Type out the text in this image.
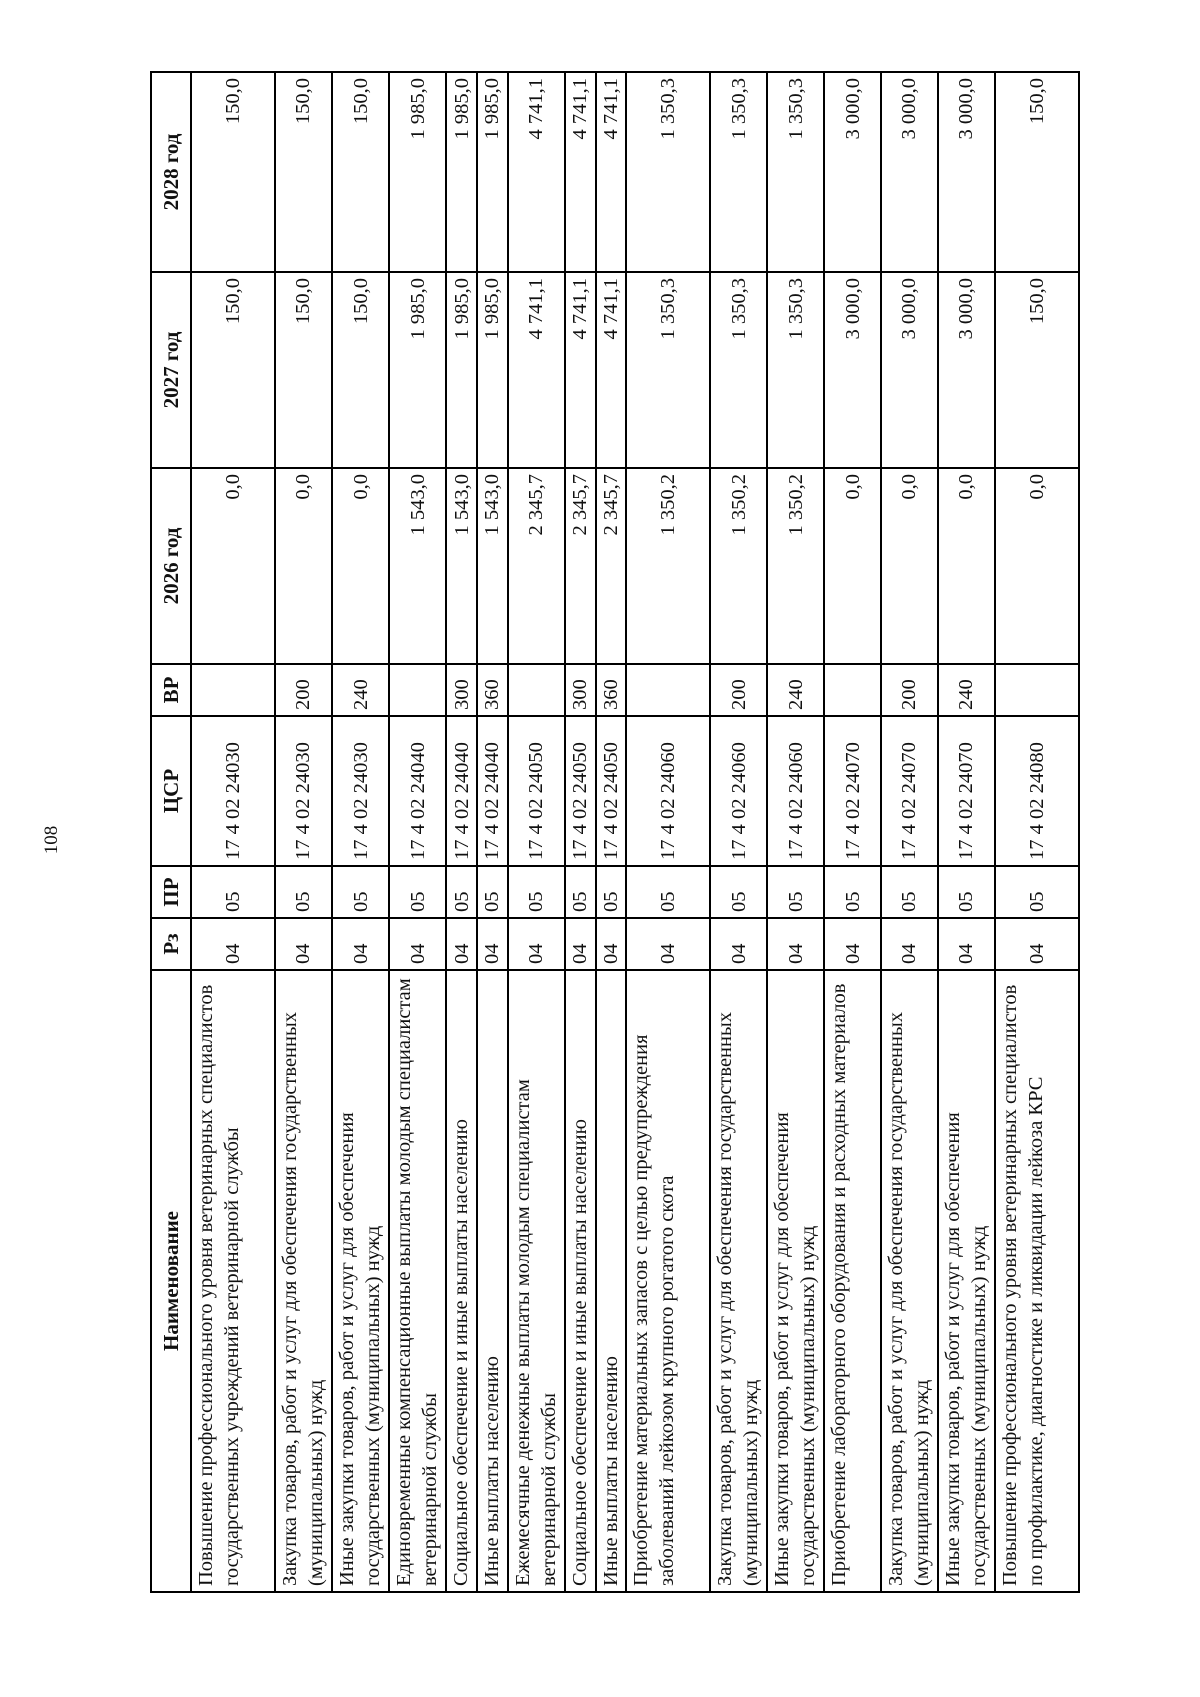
108
Наименование	Рз	ПР	ЦСР	ВР	2026 год	2027 год	2028 год
Повышение профессионального уровня ветеринарных специалистов государственных учреждений ветеринарной службы	04	05	17 4 02 24030		0,0	150,0	150,0
Закупка товаров, работ и услуг для обеспечения государственных (муниципальных) нужд	04	05	17 4 02 24030	200	0,0	150,0	150,0
Иные закупки товаров, работ и услуг для обеспечения государственных (муниципальных) нужд	04	05	17 4 02 24030	240	0,0	150,0	150,0
Единовременные компенсационные выплаты молодым специалистам ветеринарной службы	04	05	17 4 02 24040		1 543,0	1 985,0	1 985,0
Социальное обеспечение и иные выплаты населению	04	05	17 4 02 24040	300	1 543,0	1 985,0	1 985,0
Иные выплаты населению	04	05	17 4 02 24040	360	1 543,0	1 985,0	1 985,0
Ежемесячные денежные выплаты молодым специалистам ветеринарной службы	04	05	17 4 02 24050		2 345,7	4 741,1	4 741,1
Социальное обеспечение и иные выплаты населению	04	05	17 4 02 24050	300	2 345,7	4 741,1	4 741,1
Иные выплаты населению	04	05	17 4 02 24050	360	2 345,7	4 741,1	4 741,1
Приобретение материальных запасов с целью предупреждения заболеваний лейкозом крупного рогатого скота	04	05	17 4 02 24060		1 350,2	1 350,3	1 350,3
Закупка товаров, работ и услуг для обеспечения государственных (муниципальных) нужд	04	05	17 4 02 24060	200	1 350,2	1 350,3	1 350,3
Иные закупки товаров, работ и услуг для обеспечения государственных (муниципальных) нужд	04	05	17 4 02 24060	240	1 350,2	1 350,3	1 350,3
Приобретение лабораторного оборудования и расходных материалов	04	05	17 4 02 24070		0,0	3 000,0	3 000,0
Закупка товаров, работ и услуг для обеспечения государственных (муниципальных) нужд	04	05	17 4 02 24070	200	0,0	3 000,0	3 000,0
Иные закупки товаров, работ и услуг для обеспечения государственных (муниципальных) нужд	04	05	17 4 02 24070	240	0,0	3 000,0	3 000,0
Повышение профессионального уровня ветеринарных специалистов по профилактике, диагностике и ликвидации лейкоза КРС	04	05	17 4 02 24080		0,0	150,0	150,0
